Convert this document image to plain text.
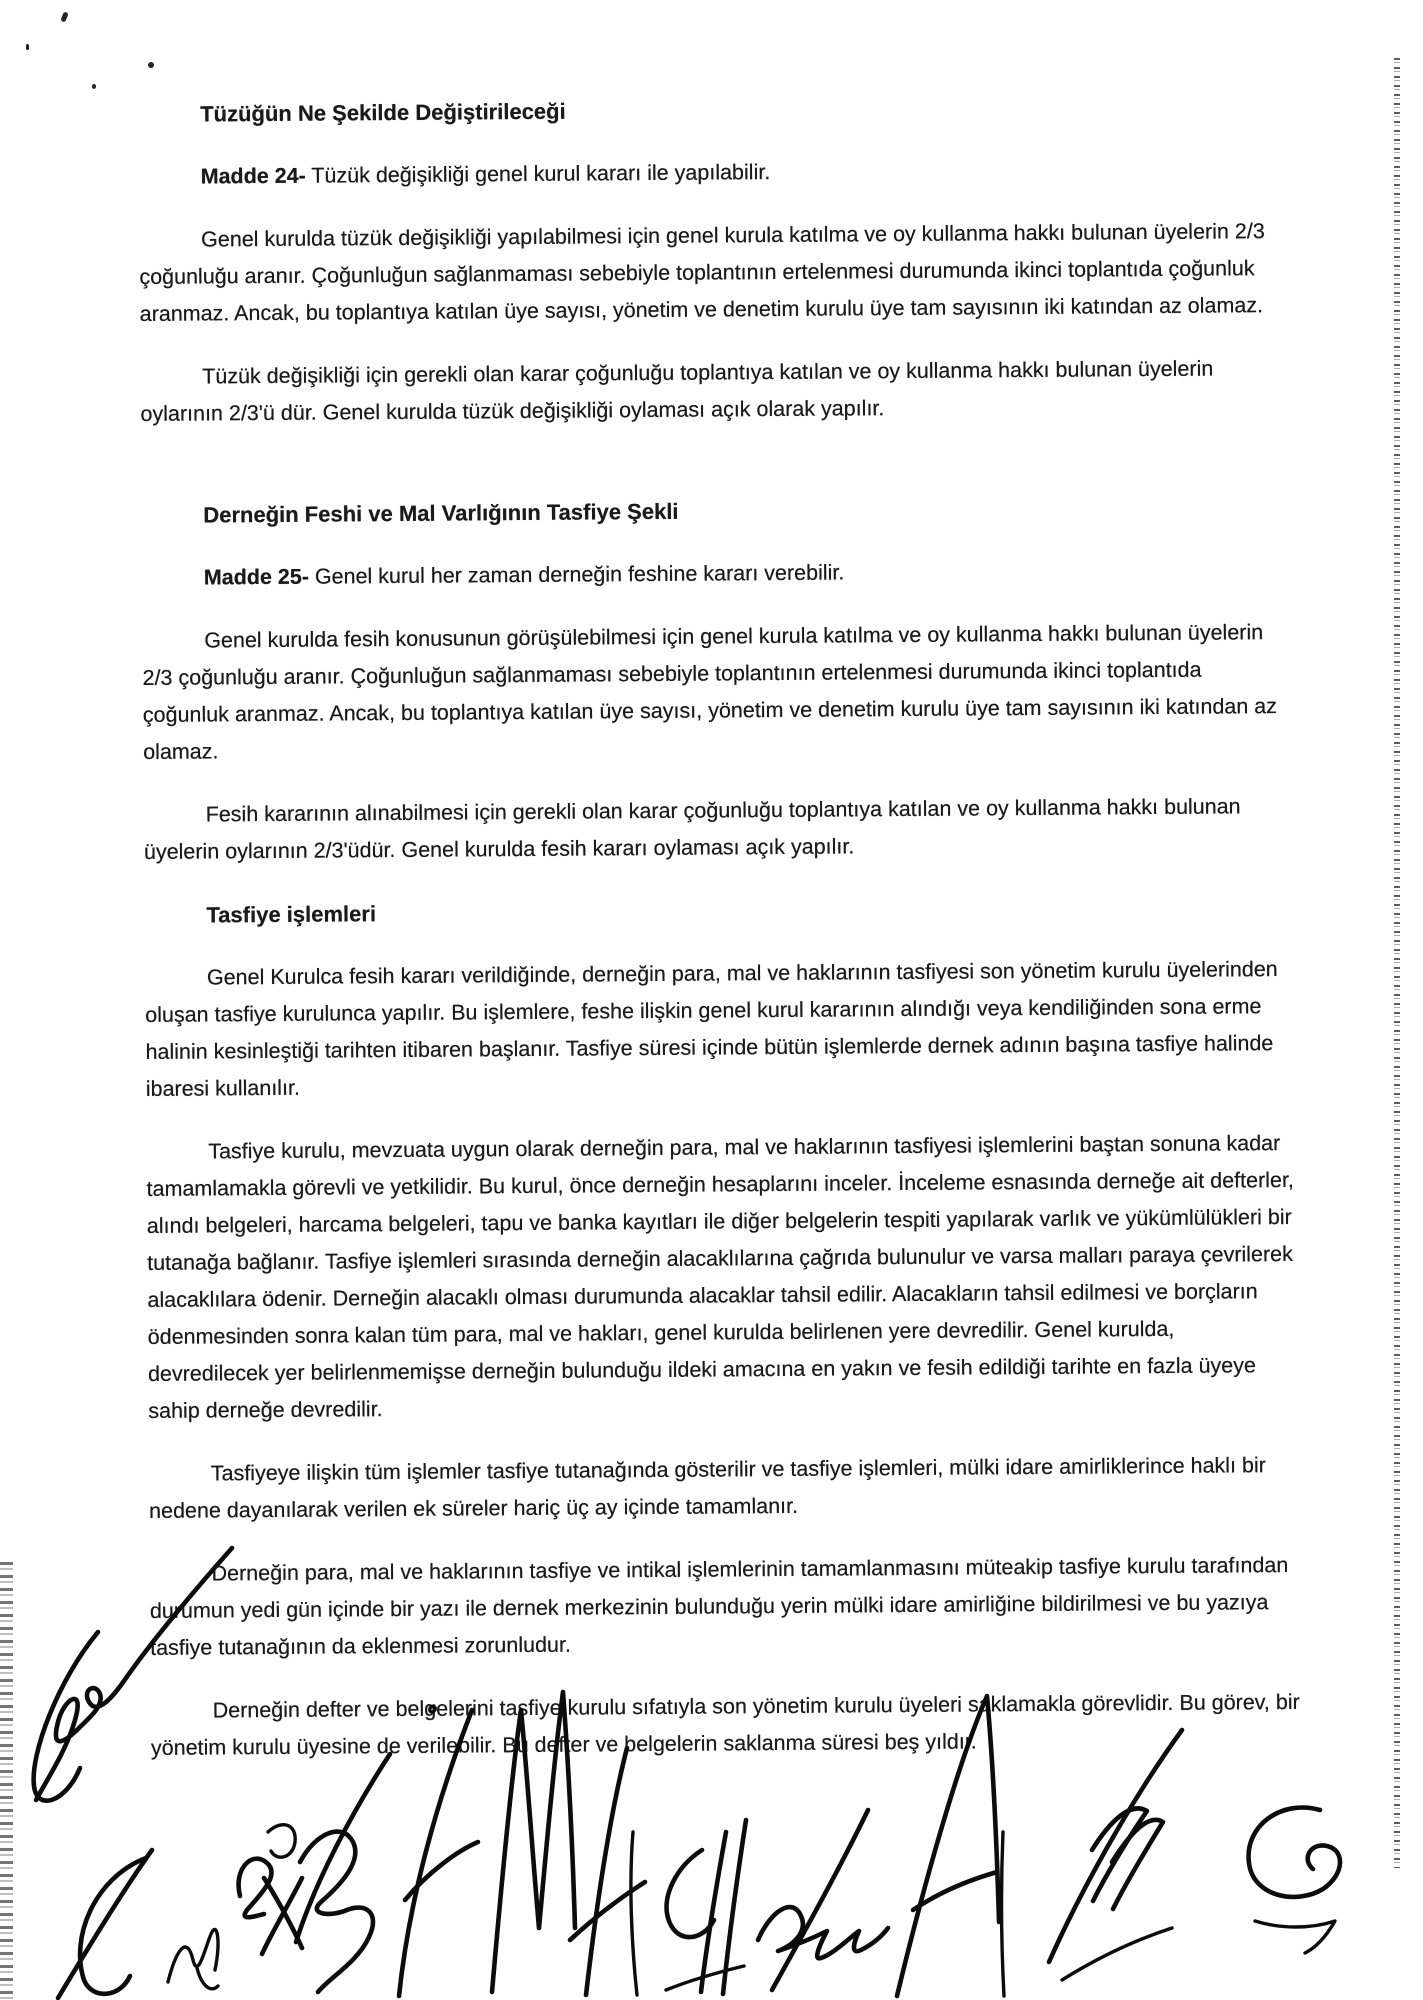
Tüzüğün Ne Şekilde Değiştirileceği

Madde 24- Tüzük değişikliği genel kurul kararı ile yapılabilir.

Genel kurulda tüzük değişikliği yapılabilmesi için genel kurula katılma ve oy kullanma hakkı bulunan üyelerin 2/3 çoğunluğu aranır. Çoğunluğun sağlanmaması sebebiyle toplantının ertelenmesi durumunda ikinci toplantıda çoğunluk aranmaz. Ancak, bu toplantıya katılan üye sayısı, yönetim ve denetim kurulu üye tam sayısının iki katından az olamaz.

Tüzük değişikliği için gerekli olan karar çoğunluğu toplantıya katılan ve oy kullanma hakkı bulunan üyelerin oylarının 2/3'ü dür. Genel kurulda tüzük değişikliği oylaması açık olarak yapılır.

Derneğin Feshi ve Mal Varlığının Tasfiye Şekli

Madde 25- Genel kurul her zaman derneğin feshine kararı verebilir.

Genel kurulda fesih konusunun görüşülebilmesi için genel kurula katılma ve oy kullanma hakkı bulunan üyelerin 2/3 çoğunluğu aranır. Çoğunluğun sağlanmaması sebebiyle toplantının ertelenmesi durumunda ikinci toplantıda çoğunluk aranmaz. Ancak, bu toplantıya katılan üye sayısı, yönetim ve denetim kurulu üye tam sayısının iki katından az olamaz.

Fesih kararının alınabilmesi için gerekli olan karar çoğunluğu toplantıya katılan ve oy kullanma hakkı bulunan üyelerin oylarının 2/3'üdür. Genel kurulda fesih kararı oylaması açık yapılır.

Tasfiye işlemleri

Genel Kurulca fesih kararı verildiğinde, derneğin para, mal ve haklarının tasfiyesi son yönetim kurulu üyelerinden oluşan tasfiye kurulunca yapılır. Bu işlemlere, feshe ilişkin genel kurul kararının alındığı veya kendiliğinden sona erme halinin kesinleştiği tarihten itibaren başlanır. Tasfiye süresi içinde bütün işlemlerde dernek adının başına tasfiye halinde ibaresi kullanılır.

Tasfiye kurulu, mevzuata uygun olarak derneğin para, mal ve haklarının tasfiyesi işlemlerini baştan sonuna kadar tamamlamakla görevli ve yetkilidir. Bu kurul, önce derneğin hesaplarını inceler. İnceleme esnasında derneğe ait defterler, alındı belgeleri, harcama belgeleri, tapu ve banka kayıtları ile diğer belgelerin tespiti yapılarak varlık ve yükümlülükleri bir tutanağa bağlanır. Tasfiye işlemleri sırasında derneğin alacaklılarına çağrıda bulunulur ve varsa malları paraya çevrilerek alacaklılara ödenir. Derneğin alacaklı olması durumunda alacaklar tahsil edilir. Alacakların tahsil edilmesi ve borçların ödenmesinden sonra kalan tüm para, mal ve hakları, genel kurulda belirlenen yere devredilir. Genel kurulda, devredilecek yer belirlenmemişse derneğin bulunduğu ildeki amacına en yakın ve fesih edildiği tarihte en fazla üyeye sahip derneğe devredilir.

Tasfiyeye ilişkin tüm işlemler tasfiye tutanağında gösterilir ve tasfiye işlemleri, mülki idare amirliklerince haklı bir nedene dayanılarak verilen ek süreler hariç üç ay içinde tamamlanır.

Derneğin para, mal ve haklarının tasfiye ve intikal işlemlerinin tamamlanmasını müteakip tasfiye kurulu tarafından durumun yedi gün içinde bir yazı ile dernek merkezinin bulunduğu yerin mülki idare amirliğine bildirilmesi ve bu yazıya tasfiye tutanağının da eklenmesi zorunludur.

Derneğin defter ve belgelerini tasfiye kurulu sıfatıyla son yönetim kurulu üyeleri saklamakla görevlidir. Bu görev, bir yönetim kurulu üyesine de verilebilir. Bu defter ve belgelerin saklanma süresi beş yıldır.
